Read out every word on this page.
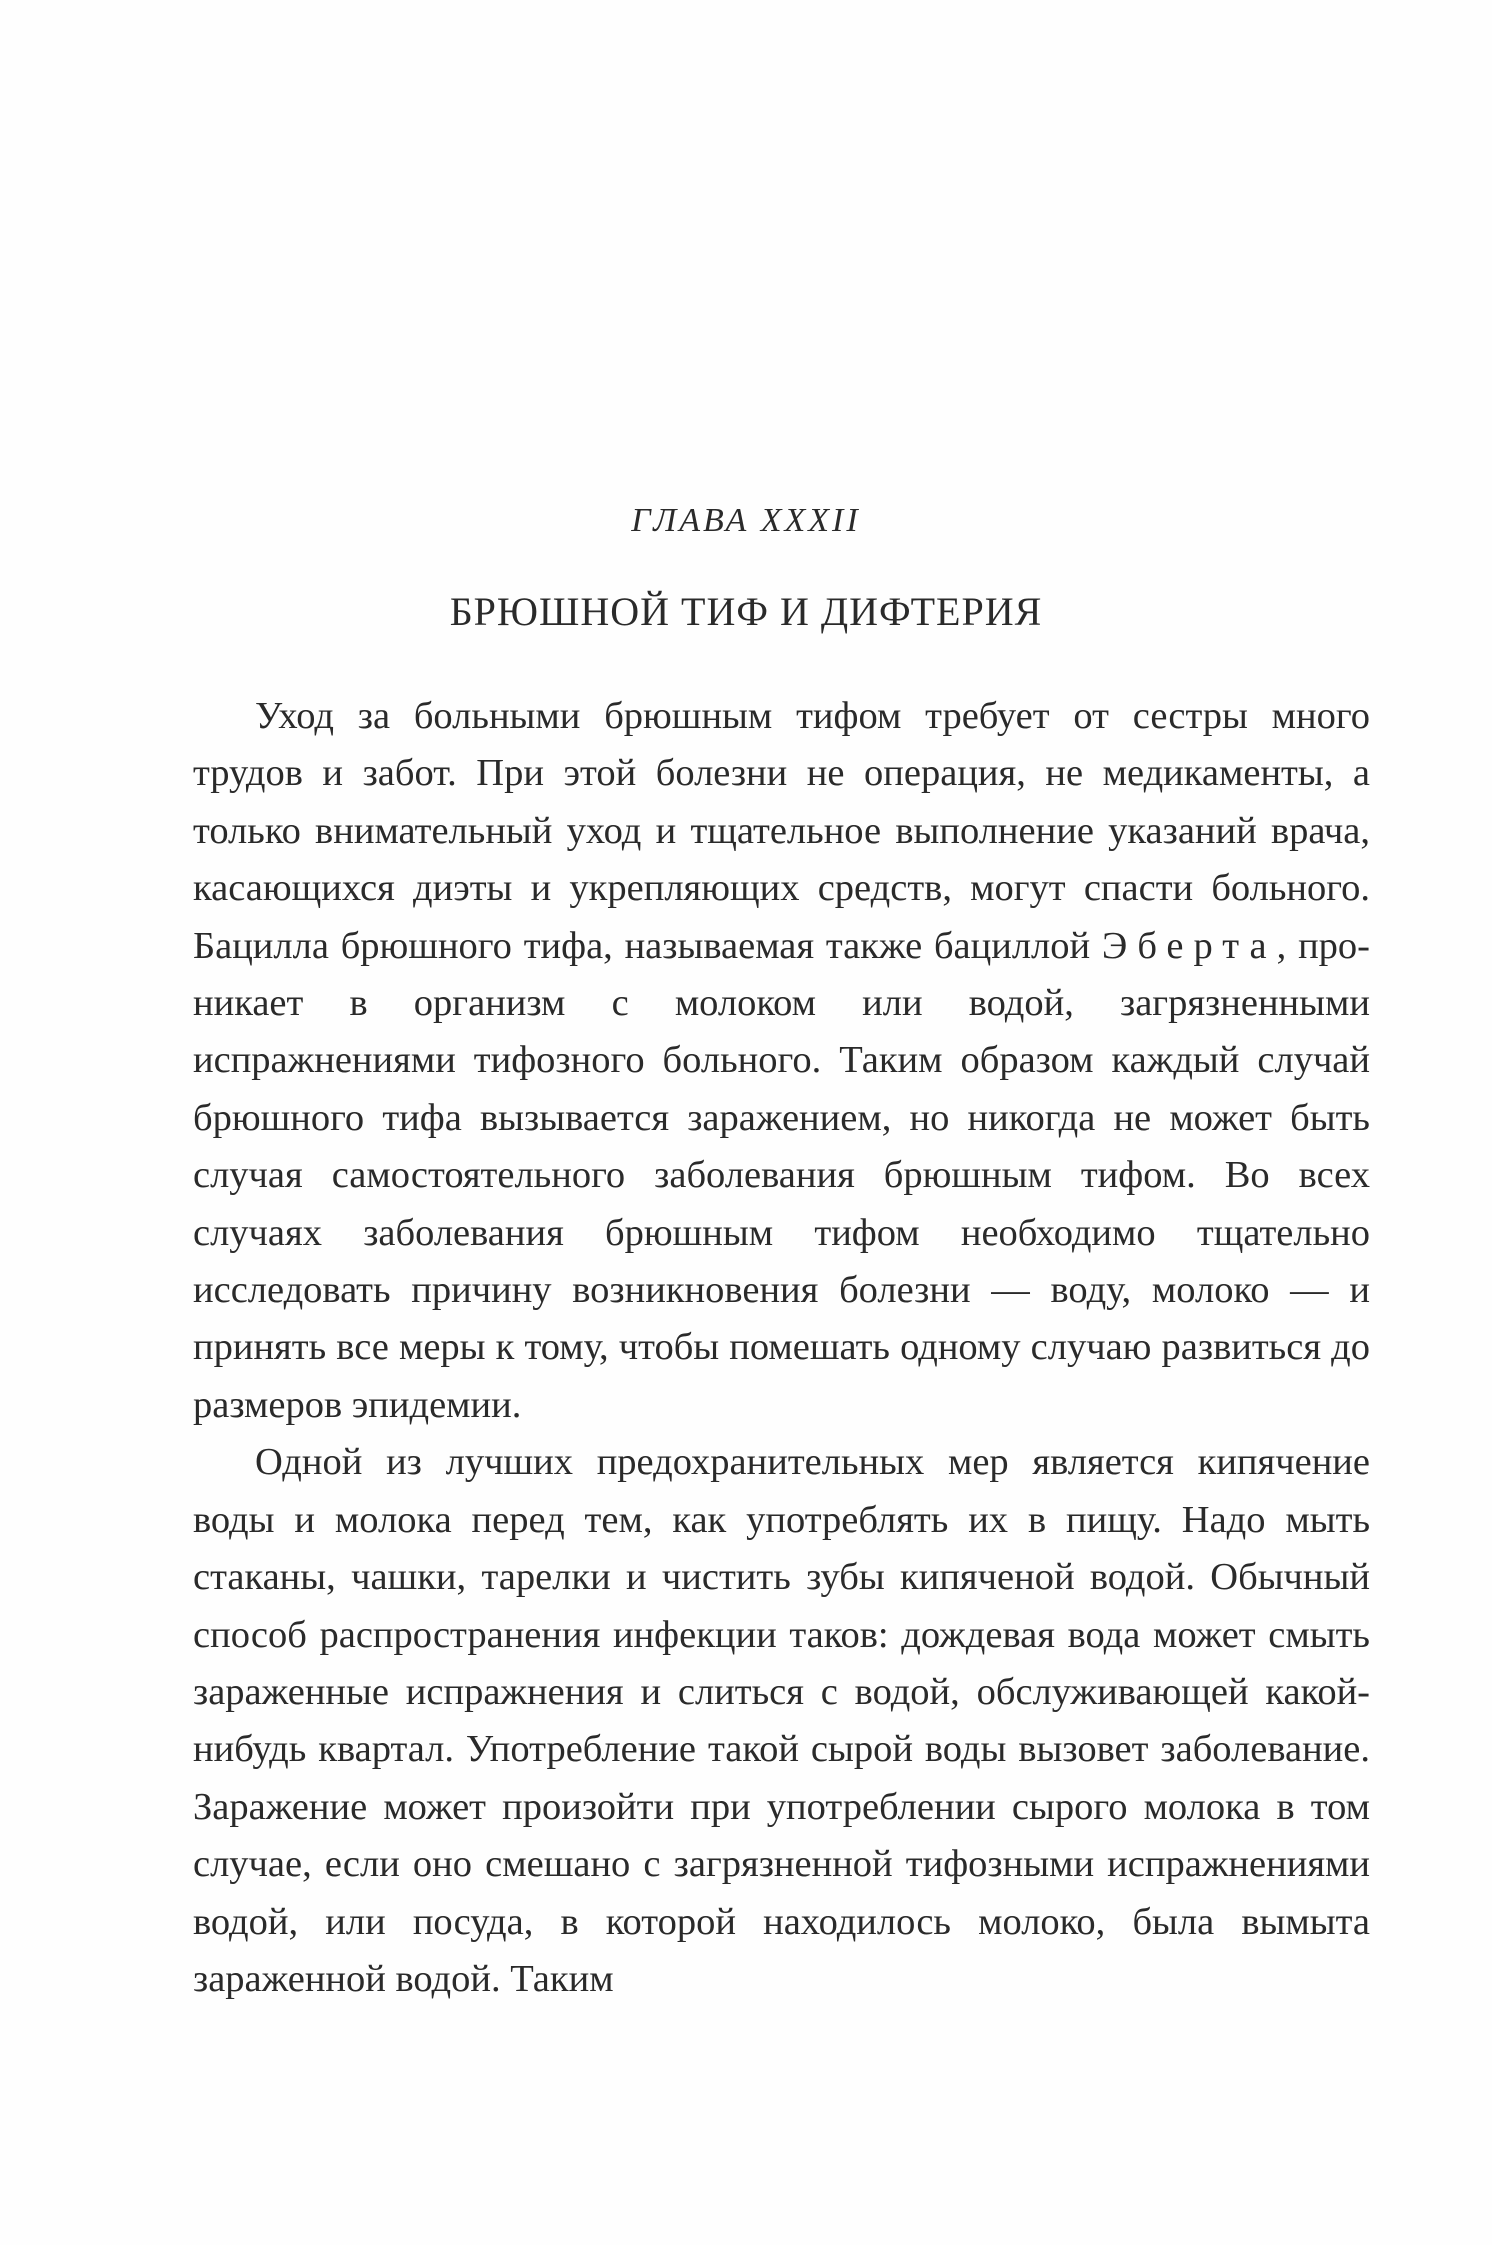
ГЛАВА XXXII
БРЮШНОЙ ТИФ И ДИФТЕРИЯ

Уход за больными брюшным тифом требует от сестры много трудов и забот. При этой болезни не операция, не медикаменты, а только внимательный уход и тщательное выполнение указаний врача, касающихся диэты и укрепляющих средств, могут спасти больного. Бацилла брюшного тифа, называемая также бациллой Эберта, проникает в организм с молоком или водой, загрязненными испражнениями тифозного больного. Таким образом каждый случай брюшного тифа вызывается заражением, но никогда не может быть случая самостоятельного заболевания брюшным тифом. Во всех случаях заболевания брюшным тифом необходимо тщательно исследовать причину возникновения болезни — воду, молоко — и принять все меры к тому, чтобы помешать одному случаю развиться до размеров эпидемии.

Одной из лучших предохранительных мер является кипячение воды и молока перед тем, как употреблять их в пищу. Надо мыть стаканы, чашки, тарелки и чистить зубы кипяченой водой. Обычный способ распространения инфекции таков: дождевая вода может смыть зараженные испражнения и слиться с водой, обслуживающей какой-нибудь квартал. Употребление такой сырой воды вызовет заболевание. Заражение может произойти при употреблении сырого молока в том случае, если оно смешано с загрязненной тифозными испражнениями водой, или посуда, в которой находилось молоко, была вымыта зараженной водой. Таким
